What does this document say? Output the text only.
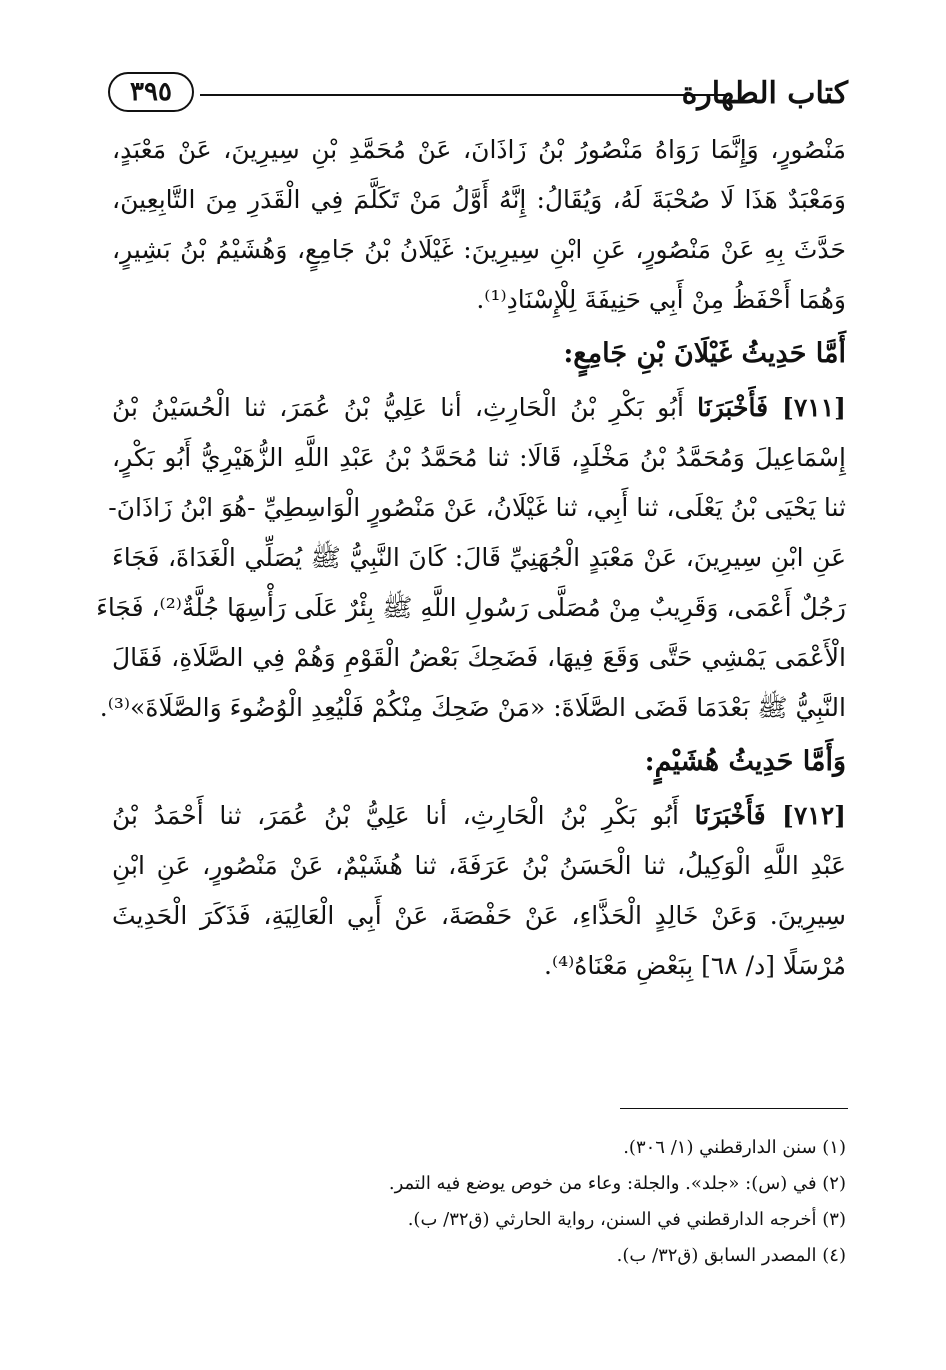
كتاب الطهارة
٣٩٥
مَنْصُورٍ، وَإِنَّمَا رَوَاهُ مَنْصُورُ بْنُ زَاذَانَ، عَنْ مُحَمَّدِ بْنِ سِيرِينَ، عَنْ مَعْبَدٍ،
وَمَعْبَدٌ هَذَا لَا صُحْبَةَ لَهُ، وَيُقَالُ: إِنَّهُ أَوَّلُ مَنْ تَكَلَّمَ فِي الْقَدَرِ مِنَ التَّابِعِينَ،
حَدَّثَ بِهِ عَنْ مَنْصُورٍ، عَنِ ابْنِ سِيرِينَ: غَيْلَانُ بْنُ جَامِعٍ، وَهُشَيْمُ بْنُ بَشِيرٍ،
وَهُمَا أَحْفَظُ مِنْ أَبِي حَنِيفَةَ لِلْإِسْنَادِ⁽¹⁾.
أَمَّا حَدِيثُ غَيْلَانَ بْنِ جَامِعٍ:
[٧١١] فَأَخْبَرَنَا أَبُو بَكْرِ بْنُ الْحَارِثِ، أنا عَلِيُّ بْنُ عُمَرَ، ثنا الْحُسَيْنُ بْنُ
إِسْمَاعِيلَ وَمُحَمَّدُ بْنُ مَخْلَدٍ، قَالَا: ثنا مُحَمَّدُ بْنُ عَبْدِ اللَّهِ الزُّهَيْرِيُّ أَبُو بَكْرٍ،
ثنا يَحْيَى بْنُ يَعْلَى، ثنا أَبِي، ثنا غَيْلَانُ، عَنْ مَنْصُورٍ الْوَاسِطِيِّ -هُوَ ابْنُ زَاذَانَ-
عَنِ ابْنِ سِيرِينَ، عَنْ مَعْبَدٍ الْجُهَنِيِّ قَالَ: كَانَ النَّبِيُّ ﷺ يُصَلِّي الْغَدَاةَ، فَجَاءَ
رَجُلٌ أَعْمَى، وَقَرِيبٌ مِنْ مُصَلَّى رَسُولِ اللَّهِ ﷺ بِئْرٌ عَلَى رَأْسِهَا جُلَّةٌ⁽²⁾، فَجَاءَ
الْأَعْمَى يَمْشِي حَتَّى وَقَعَ فِيهَا، فَضَحِكَ بَعْضُ الْقَوْمِ وَهُمْ فِي الصَّلَاةِ، فَقَالَ
النَّبِيُّ ﷺ بَعْدَمَا قَضَى الصَّلَاةَ: «مَنْ ضَحِكَ مِنْكُمْ فَلْيُعِدِ الْوُضُوءَ وَالصَّلَاةَ»⁽³⁾.
وَأَمَّا حَدِيثُ هُشَيْمٍ:
[٧١٢] فَأَخْبَرَنَا أَبُو بَكْرِ بْنُ الْحَارِثِ، أنا عَلِيُّ بْنُ عُمَرَ، ثنا أَحْمَدُ بْنُ
عَبْدِ اللَّهِ الْوَكِيلُ، ثنا الْحَسَنُ بْنُ عَرَفَةَ، ثنا هُشَيْمٌ، عَنْ مَنْصُورٍ، عَنِ ابْنِ
سِيرِينَ. وَعَنْ خَالِدٍ الْحَذَّاءِ، عَنْ حَفْصَةَ، عَنْ أَبِي الْعَالِيَةِ، فَذَكَرَ الْحَدِيثَ
مُرْسَلًا [د/ ٦٨] بِبَعْضِ مَعْنَاهُ⁽⁴⁾.
(١) سنن الدارقطني (١/ ٣٠٦).
(٢) في (س): «جلد». والجلة: وعاء من خوص يوضع فيه التمر.
(٣) أخرجه الدارقطني في السنن، رواية الحارثي (ق٣٢/ ب).
(٤) المصدر السابق (ق٣٢/ ب).
